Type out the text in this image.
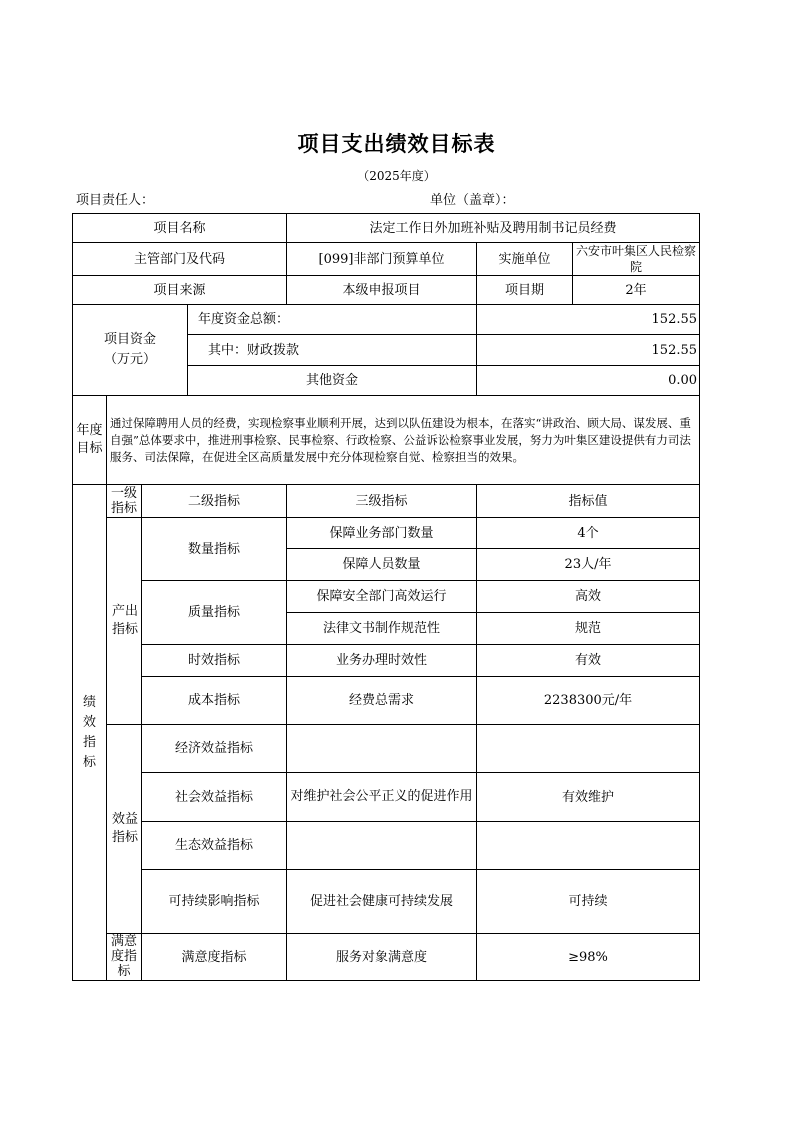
项目支出绩效目标表
（2025年度）
项目责任人：	单位（盖章）：
项目名称				法定工作日外加班补贴及聘用制书记员经费		
主管部门及代码				[099]非部门预算单位	实施单位	六安市叶集区人民检察院
项目来源				本级申报项目	项目期	2年
项目资金（万元）			年度资金总额：		152.55	
			其中：财政拨款		152.55	
			其他资金		0.00	
年度目标	通过保障聘用人员的经费，实现检察事业顺利开展，达到以队伍建设为根本，在落实“讲政治、顾大局、谋发展、重自强”总体要求中，推进刑事检察、民事检察、行政检察、公益诉讼检察事业发展，努力为叶集区建设提供有力司法服务、司法保障，在促进全区高质量发展中充分体现检察自觉、检察担当的效果。					
绩效指标	一级指标	二级指标		三级指标	指标值	
	产出指标	数量指标		保障业务部门数量	4个	
				保障人员数量	23人/年	
		质量指标		保障安全部门高效运行	高效	
				法律文书制作规范性	规范	
		时效指标		业务办理时效性	有效	
		成本指标		经费总需求	2238300元/年	
	效益指标	经济效益指标				
		社会效益指标		对维护社会公平正义的促进作用	有效维护	
		生态效益指标				
		可持续影响指标		促进社会健康可持续发展	可持续	
	满意度指标	满意度指标		服务对象满意度	≥98%	
